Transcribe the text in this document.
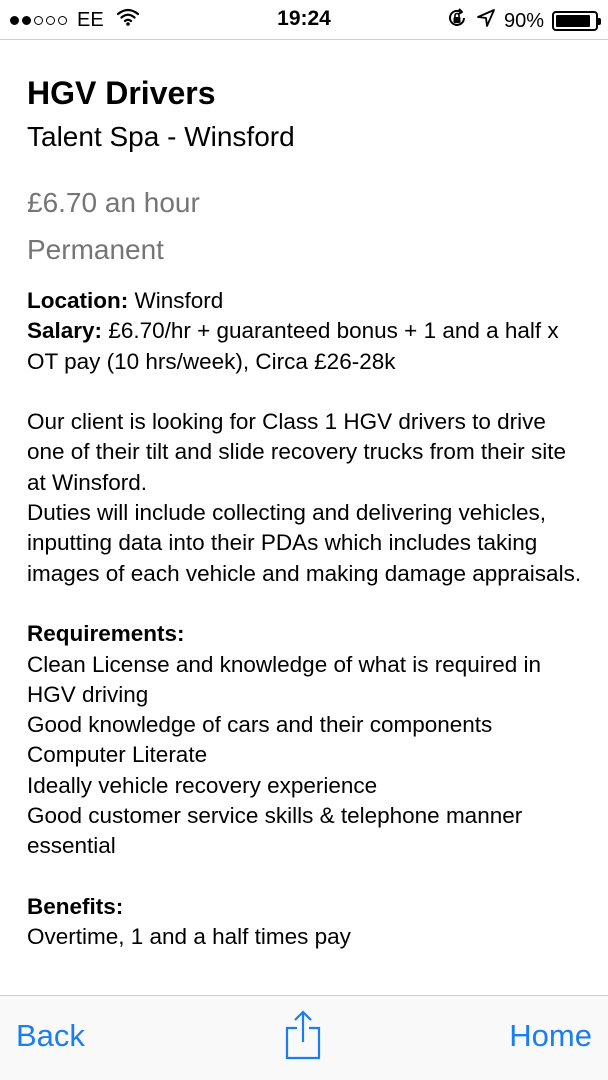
EE	19:24	90%
HGV Drivers
Talent Spa - Winsford
£6.70 an hour
Permanent

Location: Winsford

Salary: £6.70/hr + guaranteed bonus + 1 and a half x OT pay (10 hrs/week), Circa £26-28k

Our client is looking for Class 1 HGV drivers to drive one of their tilt and slide recovery trucks from their site at Winsford.

Duties will include collecting and delivering vehicles, inputting data into their PDAs which includes taking images of each vehicle and making damage appraisals.

Requirements:

Clean License and knowledge of what is required in HGV driving

Good knowledge of cars and their components

Computer Literate

Ideally vehicle recovery experience

Good customer service skills & telephone manner essential

Benefits:

Overtime, 1 and a half times pay

Back	Home
